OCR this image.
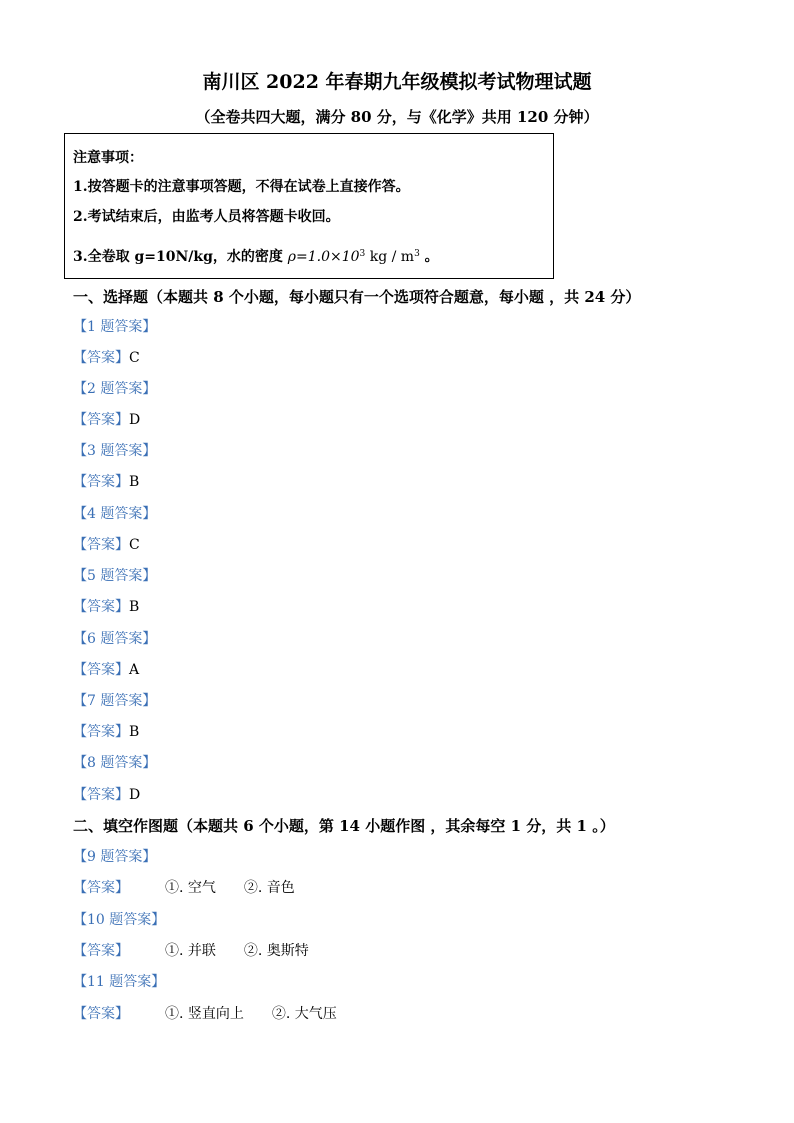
南川区 2022 年春期九年级模拟考试物理试题
（全卷共四大题，满分 80 分，与《化学》共用 120 分钟）
注意事项：
1.按答题卡的注意事项答题，不得在试卷上直接作答。
2.考试结束后，由监考人员将答题卡收回。
3.全卷取 g=10N/kg，水的密度 $\rho=1.0\times 10^3$ kg / $m^3$ 。
一、选择题（本题共 8 个小题，每小题只有一个选项符合题意，每小题 ，共 24 分）
【1 题答案】
【答案】C
【2 题答案】
【答案】D
【3 题答案】
【答案】B
【4 题答案】
【答案】C
【5 题答案】
【答案】B
【6 题答案】
【答案】A
【7 题答案】
【答案】B
【8 题答案】
【答案】D
二、填空作图题（本题共 6 个小题，第 14 小题作图 ，其余每空 1 分，共 1 。）
【9 题答案】
【答案】	①. 空气 ②. 音色
【10 题答案】
【答案】	①. 并联 ②. 奥斯特
【11 题答案】
【答案】	①. 竖直向上 ②. 大气压
